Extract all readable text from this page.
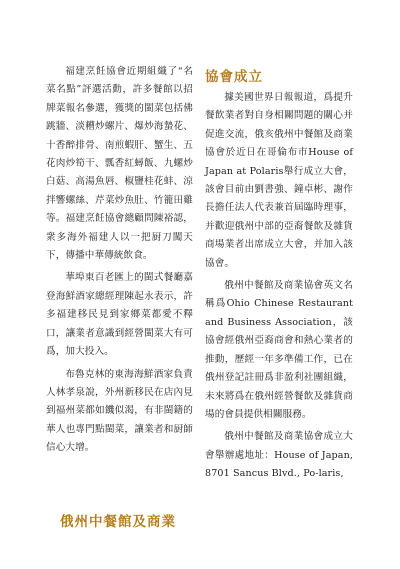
福建烹飪協會近期組織了“名菜名點”評選活動，許多餐館以招牌菜報名參選，獲獎的閩菜包括佛跳牆、淡糟炒螺片、爆炒海蟄花、十香醉排骨、南煎蝦肝、蟹生、五花肉炒筍干、瓢香紅蟳飯、九螺炒白菇、高湯魚唇、椒鹽桂花蚌、涼拌響螺絲、芹菜炒魚肚、竹籠田雞等。福建烹飪協會總顧問陳裕認，衆多海外福建人以一把厨刀闖天下，傳播中華傳統飲食。

華埠東百老匯上的閩式餐廳嘉登海鮮酒家總經理陳起永表示，許多福建移民見到家鄉菜都愛不釋口，讓業者意識到經營閩菜大有可爲，加大投入。

布魯克林的東海海鮮酒家負責人林孝泉說，外州新移民在店內見到福州菜都如饑似渴，有非閩籍的華人也專門點閩菜，讓業者和厨師信心大增。

協會成立

據美國世界日報報道，爲提升餐飲業者對自身相關問題的關心并促進交流，俄亥俄州中餐館及商業協會於近日在哥倫布市House of Japan at Polaris舉行成立大會，該會目前由劉書強、鐘卓彬、謝作長擔任法人代表兼首屆臨時理事，并歡迎俄州中部的亞裔餐飲及雜貨商場業者出席成立大會，并加入該協會。

俄州中餐館及商業協會英文名稱爲Ohio Chinese Restaurant and Business Association，該協會經俄州亞裔商會和熱心業者的推動，歷經一年多準備工作，已在俄州登記註冊爲非盈利社團組織，未來將爲在俄州經營餐飲及雜貨商場的會員提供相關服務。

俄州中餐館及商業協會成立大會舉辦處地址：House of Japan, 8701 Sancus Blvd., Po-laris,

俄州中餐館及商業
